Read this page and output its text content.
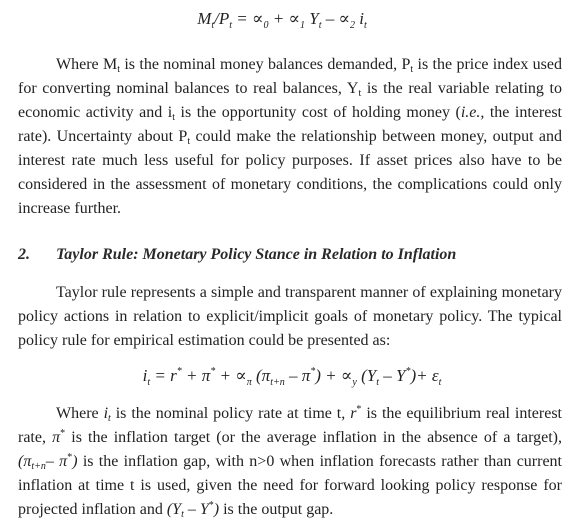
$M_t/P_t = \propto_0 + \propto_1$ $Y_t - \propto_2$ $i_t$

Where $M_t$ is the nominal money balances demanded, $P_t$ is the price index used for converting nominal balances to real balances, $Y_t$ is the real variable relating to economic activity and $i_t$ is the opportunity cost of holding money (i.e., the interest rate). Uncertainty about $P_t$ could make the relationship between money, output and interest rate much less useful for policy purposes. If asset prices also have to be considered in the assessment of monetary conditions, the complications could only increase further.

2. Taylor Rule: Monetary Policy Stance in Relation to Inflation

Taylor rule represents a simple and transparent manner of explaining monetary policy actions in relation to explicit/implicit goals of monetary policy. The typical policy rule for empirical estimation could be presented as:

$i_t = r^* + \pi^* + \propto_\pi$ $(\pi_{t+n} - \pi^*) + \propto_y$ $(Y_t - Y^*)+ \varepsilon_t$

Where $i_t$ is the nominal policy rate at time t, r* is the equilibrium real interest rate, π* is the inflation target (or the average inflation in the absence of a target), ($\pi_{t+n}-$ π*) is the inflation gap, with n>0 when inflation forecasts rather than current inflation at time t is used, given the need for forward looking policy response for projected inflation and $(Y_t - Y^*)$ is the output gap.
